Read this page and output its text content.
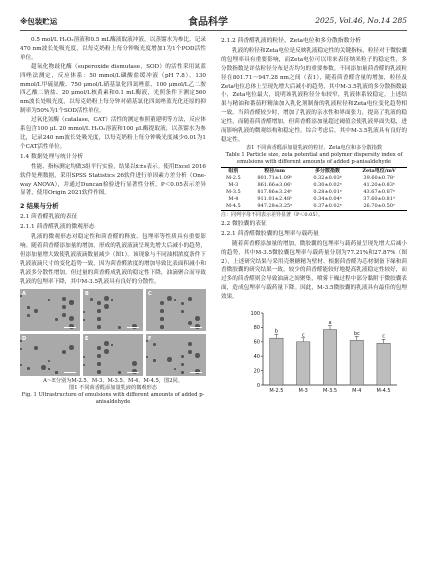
※包装贮运	食品科学	2025, Vol.46, No.14 285

0.5 mol/L H₂O₂溶液和0.5 mL酶液取液冲液，以蒸馏水为参比，记录470 nm波长处吸光度，以每克奶粉上每分钟吸光度增加1为1个POD活性单位。

超氧化物歧化酶（superoxide dismutase，SOD）的活性采用氮蓝四唑法测定，反应体系：50 mmol/L磷酸盐缓冲液（pH 7.8）、130 mmol/L甲硫氨酸、750 μmol/L硝基氯化四氮唑蓝、100 μmol/L乙二胺四乙酸二钠盐、20 μmol/L核黄素和0.1 mL酶液，光照条件下测定560 nm波长处吸光度，以每克奶粉上每分钟对硝基氯化四氮唑蓝光化还原的抑制率为50%为1个SOD活性单位。

过氧化氢酶（catalase，CAT）活性的测定参照董建明等方法，反应体系包含100 μL 20 mmol/L H₂O₂溶液和100 μL酶提取液，以蒸馏水为参比，记录240 nm波长处吸光度，以每克奶粉上每分钟吸光度减少0.01为1个CAT活性单位。

1.4 数据处理与统计分析

性能、指标测定均做3组平行实验，结果以x̄±s表示。使用Excel 2016软件处理数据，采用SPSS Statistics 26软件进行单因素方差分析（One-way ANOVA），并通过Duncan检验进行显著性分析，P＜0.05表示差异显著，使用Origin 2021软件作图。

2 结果与分析
2.1 茴香醛乳液的表征
2.1.1 茴香醛乳液的微观形态

乳液的微观形态对稳定性和茴香醛的释放、包埋率等性质具有重要影响。随着茴香醛添加量的增加，形成的乳液液滴呈现先增大后减小的趋势，但添加量增大致使乳液液滴数量减少（图1）。该现象与不同油相浓度条件下乳液液滴尺寸的变化趋势一致，因为茴香醛浓度的增加导致比表面积减小和乳液多分散性增加。但过量的茴香醛成乳液的稳定性下降，油滴聚合而导致乳液的包埋率下降，其中M-3.5乳液具有良好的分散性。

A	B	C
D	E	F
A～E分别为M-2.5、M-3、M-3.5、M-4、M-4.5，图2同。
图1 不同茴香醛添加量乳液的微观形态
Fig. 1 Ultrastructure of emulsions with different amounts of added p-anisaldehyde
2.1.2 茴香醛乳液的粒径、Zeta电位和多分散指数分析

乳液的粒径和Zeta电位是反映乳液稳定性的关键指标，粒径对于微胶囊的包埋率具有重要影响，而Zeta电位可以用来表征纳米粒子的稳定性，多分散指数是评估粒径分布是否均匀的重要参数。不同添加量茴香醛的乳液粒径在801.71～947.28 nm之间（表1），随着茴香醛含量的增加，粒径及Zeta电位总体上呈现先增大后减小的趋势，其中M-3.5乳液的多分散指数最小，Zeta电位最大，说明该乳液粒径分布较窄，乳液体系较稳定。上述结果与精油和番茄籽精油加入乳化剂制备的乳液粒径和Zeta电位变化趋势相一致。当茴香醛较少时，增加了乳液的亲水性和界面张力，提高了乳液的稳定性，而随着茴香醛增加，但茴香醛添加量超过阈值会使乳液界面失稳，进而影响乳液的微观结构和稳定性。综合考虑后，其中M-3.5乳液具有良好的稳定性。

表1 不同茴香醛添加量乳液的粒径、Zeta电位和多分散指数
Table 1 Particle size, zeta potential and polymer dispersity index of
emulsions with different amounts of added p-anisaldehyde
组别	粒径/nm	多分散指数	Zeta电位/mV

M-2.5	801.71±1.09ᵇ	0.32±0.03ᵃ	39.60±0.78ᶜ
M-3	861.66±3.06ᶜ	0.30±0.02ᵃ	41.20±0.83ᵇ
M-3.5	817.86±3.24ᵇ	0.28±0.01ᵃ	43.67±0.87ᵃ
M-4	911.01±2.48ᵇ	0.34±0.04ᵃ	37.60±0.81ᵈ
M-4.5	947.28±3.25ᵃ	0.37±0.02ᵃ	26.70±0.50ᵉ
注：同列字母不同表示差异显著（P＜0.05）。
2.2 微胶囊的表征
2.2.1 茴香醛微胶囊的包埋率与载药量

随着茴香醛添加量的增加，微胶囊的包埋率与载药量呈现先增大后减小的趋势，其中M-3.5微胶囊包埋率与载药量分别为77.21%和27.87%（图2），上述研究结果与采用壳聚糖精为壁材、根据茴香醛为芯材制备下缘和茴香微胶囊的研究结果一致。较少的茴香醛能较好地提高乳液稳定性较好，而过多的茴香醛则会导致油滴之间聚集，喷雾干燥过程中部分黏附于微胶囊表面，造成包埋率与载药量下降。因此，M-3.5微胶囊的乳液具有最佳的包埋效果。

0
20
40
60
80
100
b
M-2.5
c
M-3
a
M-3.5
bc
M-4
c
M-4.5
